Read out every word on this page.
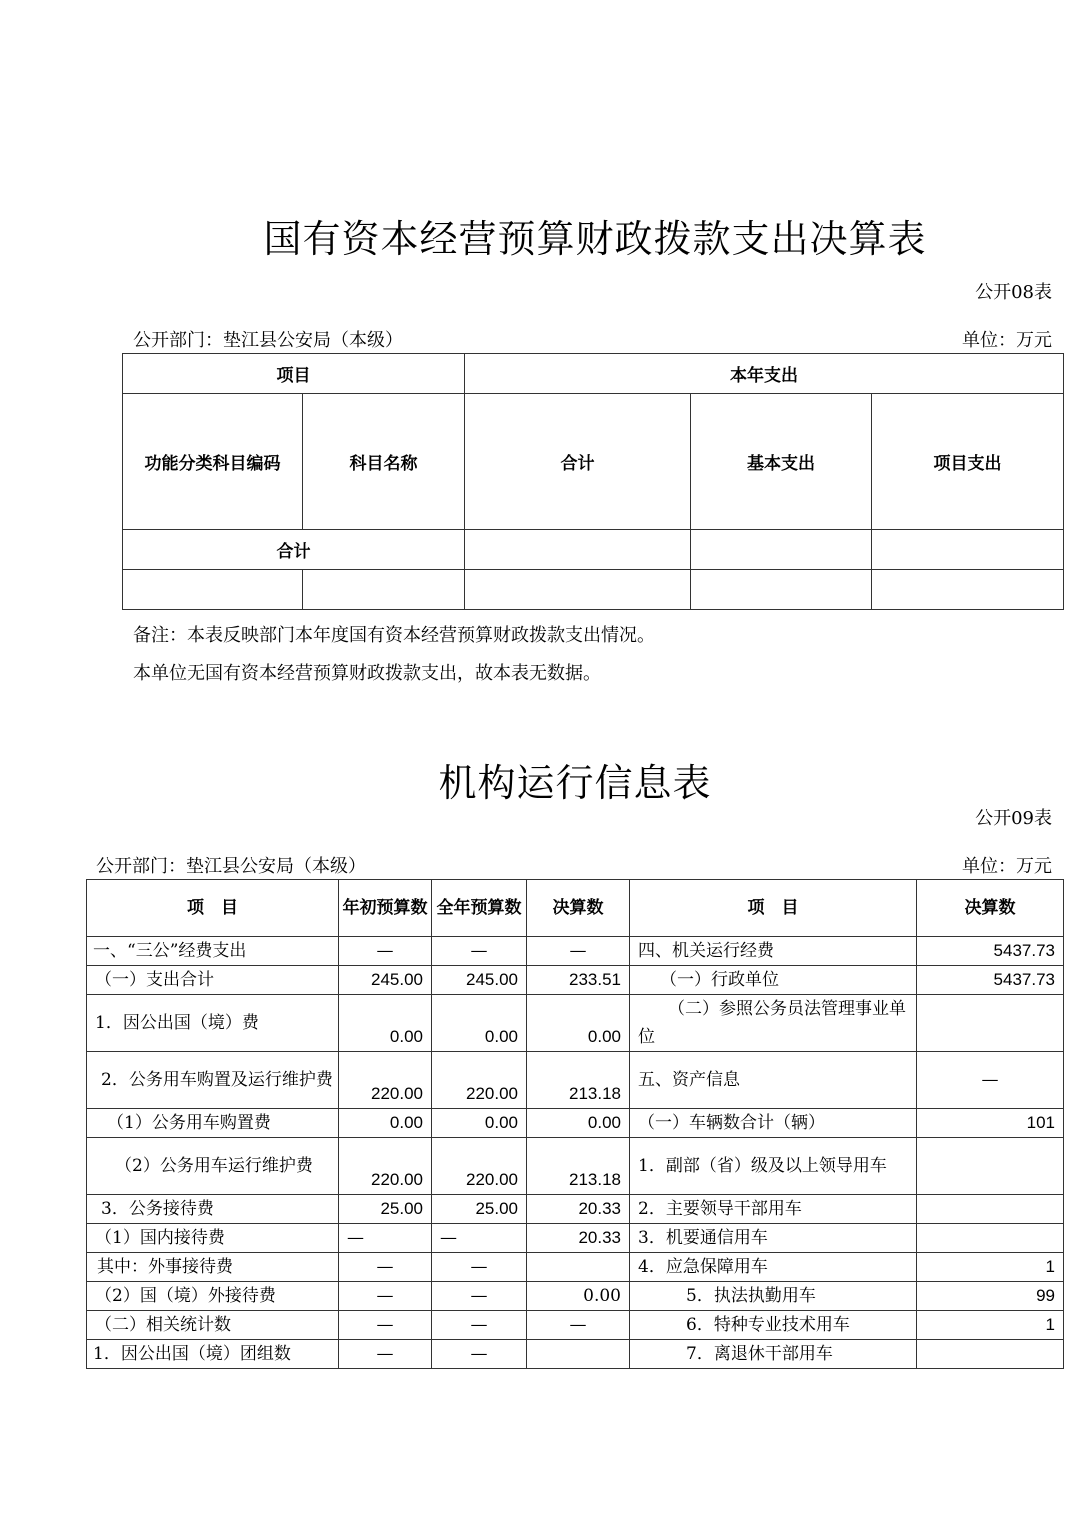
国有资本经营预算财政拨款支出决算表
公开08表
公开部门：垫江县公安局（本级）	单位：万元
项目		本年支出		
功能分类科目编码	科目名称	合计	基本支出	项目支出
合计				

备注：本表反映部门本年度国有资本经营预算财政拨款支出情况。
本单位无国有资本经营预算财政拨款支出，故本表无数据。
机构运行信息表
公开09表
公开部门：垫江县公安局（本级）	单位：万元
项　目	年初预算数	全年预算数	决算数	项　目	决算数
一、“三公”经费支出	—	—	—	四、机关运行经费	5437.73
（一）支出合计	245.00	245.00	233.51	（一）行政单位	5437.73
1．因公出国（境）费	0.00	0.00	0.00	（二）参照公务员法管理事业单位	
2．公务用车购置及运行维护费	220.00	220.00	213.18	五、资产信息	—
（1）公务用车购置费	0.00	0.00	0.00	（一）车辆数合计（辆）	101
（2）公务用车运行维护费	220.00	220.00	213.18	1．副部（省）级及以上领导用车	
3．公务接待费	25.00	25.00	20.33	2．主要领导干部用车	
（1）国内接待费	—	—	20.33	3．机要通信用车	
其中：外事接待费	—	—		4．应急保障用车	1
（2）国（境）外接待费	—	—	0.00	5．执法执勤用车	99
（二）相关统计数	—	—	—	6．特种专业技术用车	1
1．因公出国（境）团组数	—	—		7．离退休干部用车	
